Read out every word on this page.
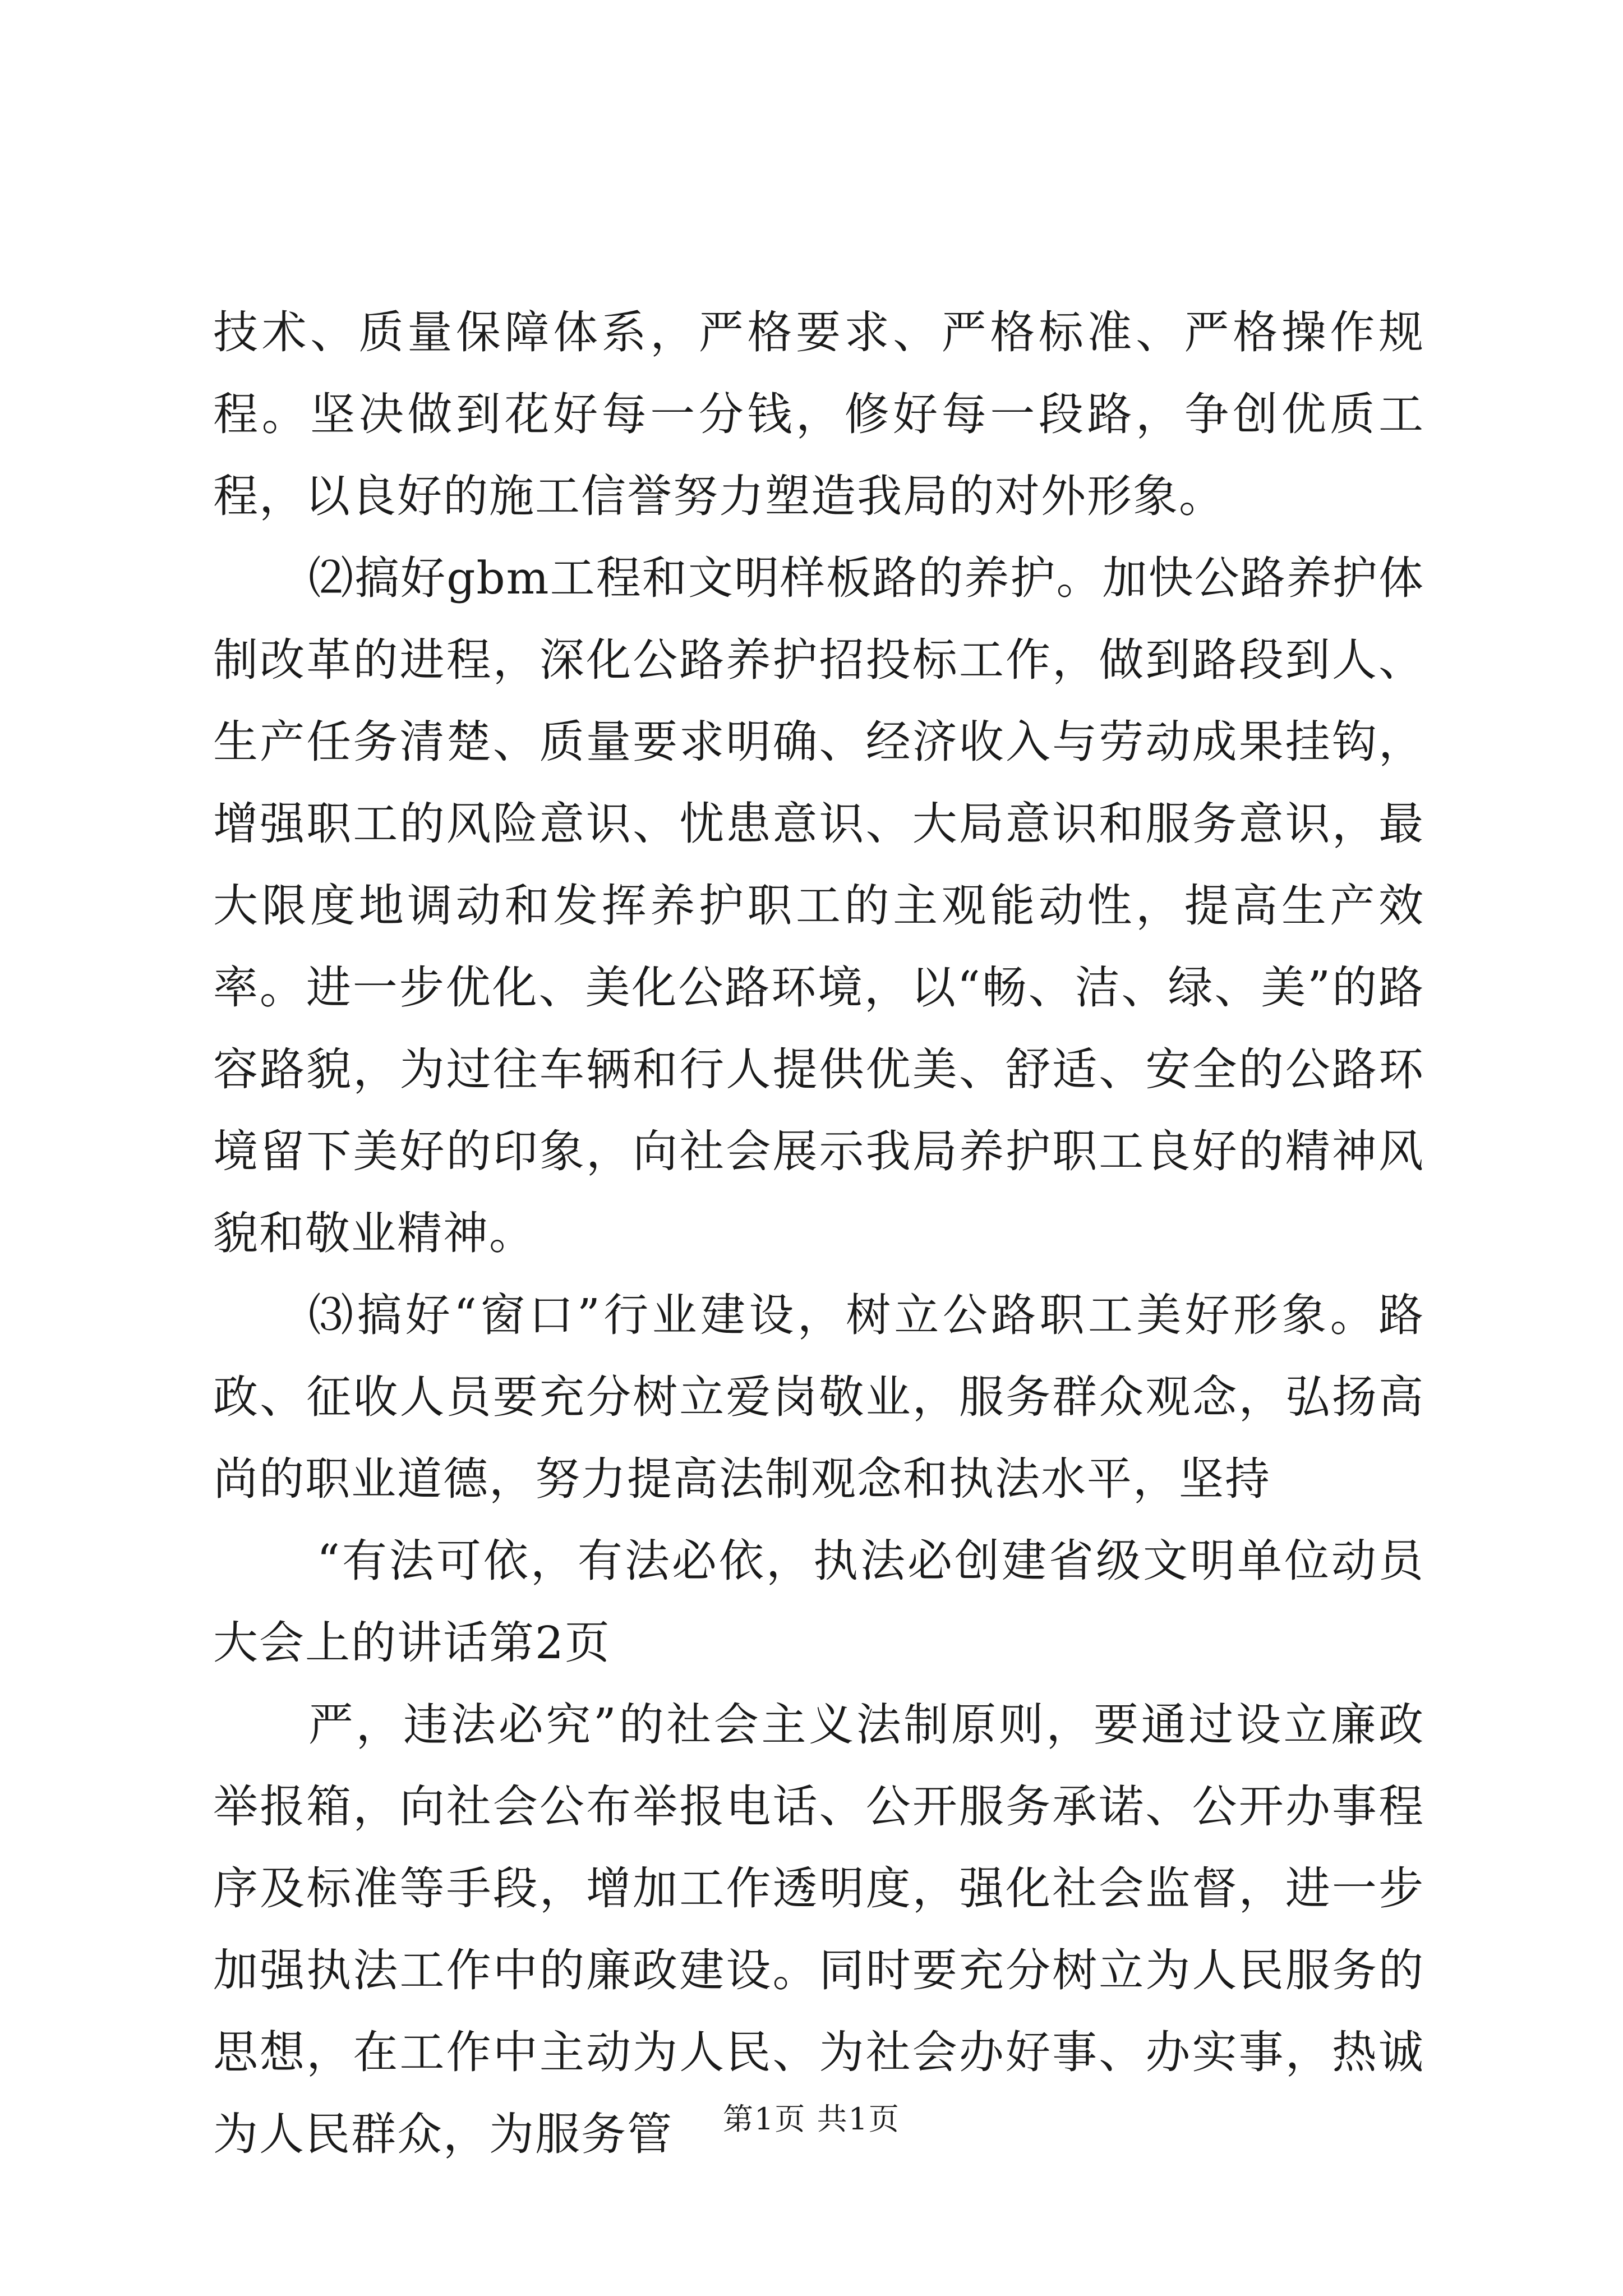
技术、质量保障体系，严格要求、严格标准、严格操作规程。坚决做到花好每一分钱，修好每一段路，争创优质工程，以良好的施工信誉努力塑造我局的对外形象。

⑵搞好gbm工程和文明样板路的养护。加快公路养护体制改革的进程，深化公路养护招投标工作，做到路段到人、生产任务清楚、质量要求明确、经济收入与劳动成果挂钩，增强职工的风险意识、忧患意识、大局意识和服务意识，最大限度地调动和发挥养护职工的主观能动性，提高生产效率。进一步优化、美化公路环境，以“畅、洁、绿、美”的路容路貌，为过往车辆和行人提供优美、舒适、安全的公路环境留下美好的印象，向社会展示我局养护职工良好的精神风貌和敬业精神。

⑶搞好“窗口”行业建设，树立公路职工美好形象。路政、征收人员要充分树立爱岗敬业，服务群众观念，弘扬高尚的职业道德，努力提高法制观念和执法水平，坚持

“有法可依，有法必依，执法必创建省级文明单位动员大会上的讲话第2页

严，违法必究”的社会主义法制原则，要通过设立廉政举报箱，向社会公布举报电话、公开服务承诺、公开办事程序及标准等手段，增加工作透明度，强化社会监督，进一步加强执法工作中的廉政建设。同时要充分树立为人民服务的思想，在工作中主动为人民、为社会办好事、办实事，热诚为人民群众，为服务管	第1页 共1页
